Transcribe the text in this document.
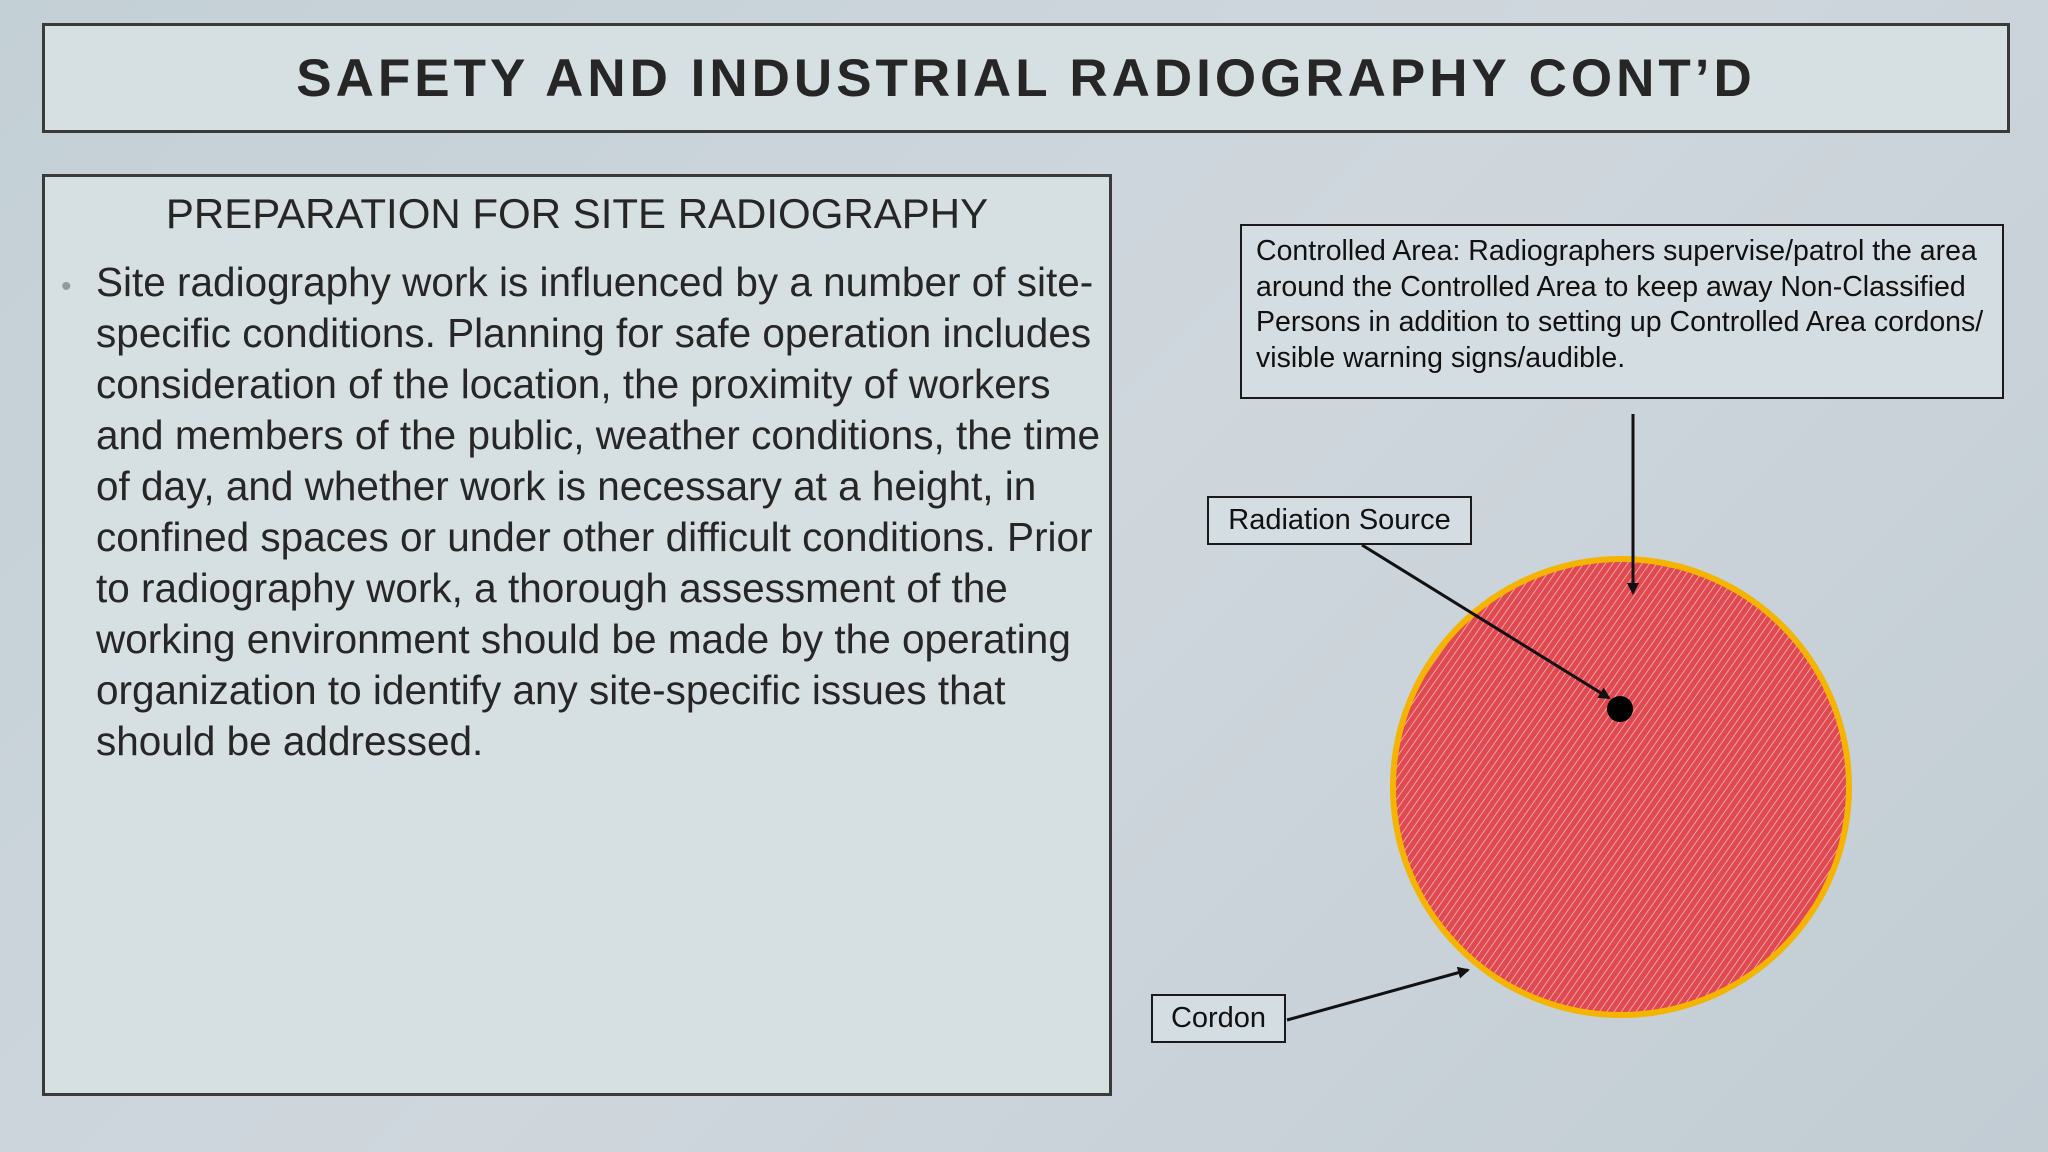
SAFETY AND INDUSTRIAL RADIOGRAPHY CONT’D
PREPARATION FOR SITE RADIOGRAPHY
• Site radiography work is influenced by a number of site-specific conditions. Planning for safe operation includes consideration of the location, the proximity of workers and members of the public, weather conditions, the time of day, and whether work is necessary at a height, in confined spaces or under other difficult conditions. Prior to radiography work, a thorough assessment of the working environment should be made by the operating organization to identify any site-specific issues that should be addressed.

Controlled Area: Radiographers supervise/patrol the area around the Controlled Area to keep away Non-Classified Persons in addition to setting up Controlled Area cordons/ visible warning signs/audible.
Radiation Source
Cordon
